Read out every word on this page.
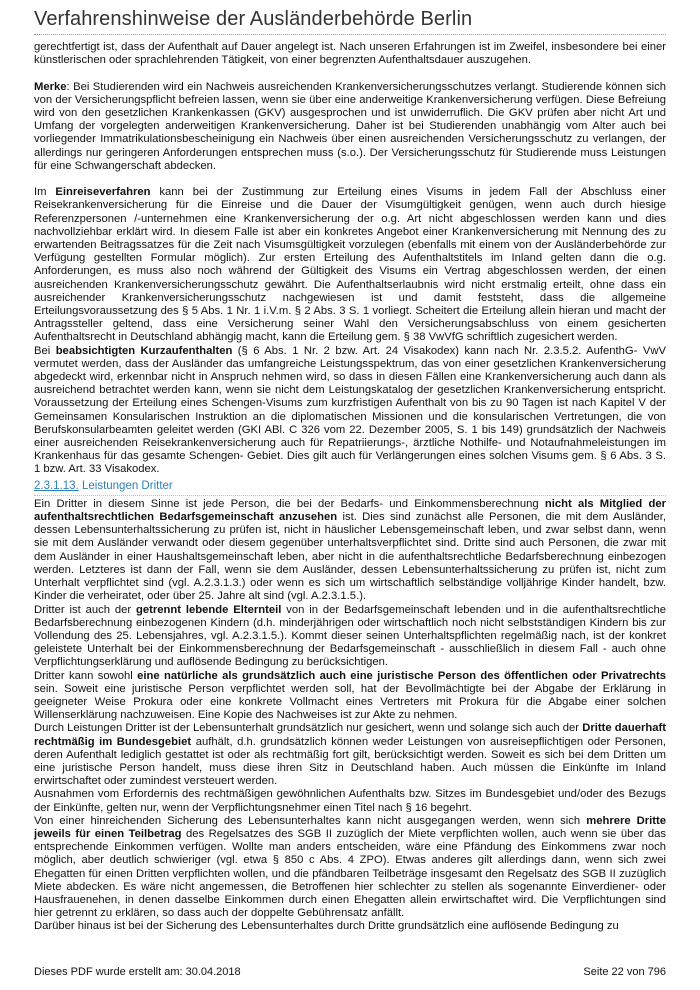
Verfahrenshinweise der Ausländerbehörde Berlin

gerechtfertigt ist, dass der Aufenthalt auf Dauer angelegt ist. Nach unseren Erfahrungen ist im Zweifel, insbesondere bei einer künstlerischen oder sprachlehrenden Tätigkeit, von einer begrenzten Aufenthaltsdauer auszugehen.

Merke: Bei Studierenden wird ein Nachweis ausreichenden Krankenversicherungsschutzes verlangt. Studierende können sich von der Versicherungspflicht befreien lassen, wenn sie über eine anderweitige Krankenversicherung verfügen. Diese Befreiung wird von den gesetzlichen Krankenkassen (GKV) ausgesprochen und ist unwiderruflich. Die GKV prüfen aber nicht Art und Umfang der vorgelegten anderweitigen Krankenversicherung. Daher ist bei Studierenden unabhängig vom Alter auch bei vorliegender Immatrikulationsbescheinigung ein Nachweis über einen ausreichenden Versicherungsschutz zu verlangen, der allerdings nur geringeren Anforderungen entsprechen muss (s.o.). Der Versicherungsschutz für Studierende muss Leistungen für eine Schwangerschaft abdecken.

Im Einreiseverfahren kann bei der Zustimmung zur Erteilung eines Visums in jedem Fall der Abschluss einer Reisekrankenversicherung für die Einreise und die Dauer der Visumgültigkeit genügen, wenn auch durch hiesige Referenzpersonen /-unternehmen eine Krankenversicherung der o.g. Art nicht abgeschlossen werden kann und dies nachvollziehbar erklärt wird. In diesem Falle ist aber ein konkretes Angebot einer Krankenversicherung mit Nennung des zu erwartenden Beitragssatzes für die Zeit nach Visumsgültigkeit vorzulegen (ebenfalls mit einem von der Ausländerbehörde zur Verfügung gestellten Formular möglich). Zur ersten Erteilung des Aufenthaltstitels im Inland gelten dann die o.g. Anforderungen, es muss also noch während der Gültigkeit des Visums ein Vertrag abgeschlossen werden, der einen ausreichenden Krankenversicherungsschutz gewährt. Die Aufenthaltserlaubnis wird nicht erstmalig erteilt, ohne dass ein ausreichender Krankenversicherungsschutz nachgewiesen ist und damit feststeht, dass die allgemeine Erteilungsvoraussetzung des § 5 Abs. 1 Nr. 1 i.V.m. § 2 Abs. 3 S. 1 vorliegt. Scheitert die Erteilung allein hieran und macht der Antragssteller geltend, dass eine Versicherung seiner Wahl den Versicherungsabschluss von einem gesicherten Aufenthaltsrecht in Deutschland abhängig macht, kann die Erteilung gem. § 38 VwVfG schriftlich zugesichert werden.

Bei beabsichtigten Kurzaufenthalten (§ 6 Abs. 1 Nr. 2 bzw. Art. 24 Visakodex) kann nach Nr. 2.3.5.2. AufenthG- VwV vermutet werden, dass der Ausländer das umfangreiche Leistungsspektrum, das von einer gesetzlichen Krankenversicherung abgedeckt wird, erkennbar nicht in Anspruch nehmen wird, so dass in diesen Fällen eine Krankenversicherung auch dann als ausreichend betrachtet werden kann, wenn sie nicht dem Leistungskatalog der gesetzlichen Krankenversicherung entspricht. Voraussetzung der Erteilung eines Schengen-Visums zum kurzfristigen Aufenthalt von bis zu 90 Tagen ist nach Kapitel V der Gemeinsamen Konsularischen Instruktion an die diplomatischen Missionen und die konsularischen Vertretungen, die von Berufskonsularbeamten geleitet werden (GKI ABl. C 326 vom 22. Dezember 2005, S. 1 bis 149) grundsätzlich der Nachweis einer ausreichenden Reisekrankenversicherung auch für Repatriierungs-, ärztliche Nothilfe- und Notaufnahmeleistungen im Krankenhaus für das gesamte Schengen- Gebiet. Dies gilt auch für Verlängerungen eines solchen Visums gem. § 6 Abs. 3 S. 1 bzw. Art. 33 Visakodex.

2.3.1.13. Leistungen Dritter

Ein Dritter in diesem Sinne ist jede Person, die bei der Bedarfs- und Einkommensberechnung nicht als Mitglied der aufenthaltsrechtlichen Bedarfsgemeinschaft anzusehen ist. Dies sind zunächst alle Personen, die mit dem Ausländer, dessen Lebensunterhaltssicherung zu prüfen ist, nicht in häuslicher Lebensgemeinschaft leben, und zwar selbst dann, wenn sie mit dem Ausländer verwandt oder diesem gegenüber unterhaltsverpflichtet sind. Dritte sind auch Personen, die zwar mit dem Ausländer in einer Haushaltsgemeinschaft leben, aber nicht in die aufenthaltsrechtliche Bedarfsberechnung einbezogen werden. Letzteres ist dann der Fall, wenn sie dem Ausländer, dessen Lebensunterhaltssicherung zu prüfen ist, nicht zum Unterhalt verpflichtet sind (vgl. A.2.3.1.3.) oder wenn es sich um wirtschaftlich selbständige volljährige Kinder handelt, bzw. Kinder die verheiratet, oder über 25. Jahre alt sind (vgl. A.2.3.1.5.).

Dritter ist auch der getrennt lebende Elternteil von in der Bedarfsgemeinschaft lebenden und in die aufenthaltsrechtliche Bedarfsberechnung einbezogenen Kindern (d.h. minderjährigen oder wirtschaftlich noch nicht selbstständigen Kindern bis zur Vollendung des 25. Lebensjahres, vgl. A.2.3.1.5.). Kommt dieser seinen Unterhaltspflichten regelmäßig nach, ist der konkret geleistete Unterhalt bei der Einkommensberechnung der Bedarfsgemeinschaft - ausschließlich in diesem Fall - auch ohne Verpflichtungserklärung und auflösende Bedingung zu berücksichtigen.

Dritter kann sowohl eine natürliche als grundsätzlich auch eine juristische Person des öffentlichen oder Privatrechts sein. Soweit eine juristische Person verpflichtet werden soll, hat der Bevollmächtigte bei der Abgabe der Erklärung in geeigneter Weise Prokura oder eine konkrete Vollmacht eines Vertreters mit Prokura für die Abgabe einer solchen Willenserklärung nachzuweisen. Eine Kopie des Nachweises ist zur Akte zu nehmen.

Durch Leistungen Dritter ist der Lebensunterhalt grundsätzlich nur gesichert, wenn und solange sich auch der Dritte dauerhaft rechtmäßig im Bundesgebiet aufhält, d.h. grundsätzlich können weder Leistungen von ausreisepflichtigen oder Personen, deren Aufenthalt lediglich gestattet ist oder als rechtmäßig fort gilt, berücksichtigt werden. Soweit es sich bei dem Dritten um eine juristische Person handelt, muss diese ihren Sitz in Deutschland haben. Auch müssen die Einkünfte im Inland erwirtschaftet oder zumindest versteuert werden.

Ausnahmen vom Erfordernis des rechtmäßigen gewöhnlichen Aufenthalts bzw. Sitzes im Bundesgebiet und/oder des Bezugs der Einkünfte, gelten nur, wenn der Verpflichtungsnehmer einen Titel nach § 16 begehrt.

Von einer hinreichenden Sicherung des Lebensunterhaltes kann nicht ausgegangen werden, wenn sich mehrere Dritte jeweils für einen Teilbetrag des Regelsatzes des SGB II zuzüglich der Miete verpflichten wollen, auch wenn sie über das entsprechende Einkommen verfügen. Wollte man anders entscheiden, wäre eine Pfändung des Einkommens zwar noch möglich, aber deutlich schwieriger (vgl. etwa § 850 c Abs. 4 ZPO). Etwas anderes gilt allerdings dann, wenn sich zwei Ehegatten für einen Dritten verpflichten wollen, und die pfändbaren Teilbeträge insgesamt den Regelsatz des SGB II zuzüglich Miete abdecken. Es wäre nicht angemessen, die Betroffenen hier schlechter zu stellen als sogenannte Einverdiener- oder Hausfrauenehen, in denen dasselbe Einkommen durch einen Ehegatten allein erwirtschaftet wird. Die Verpflichtungen sind hier getrennt zu erklären, so dass auch der doppelte Gebührensatz anfällt.

Darüber hinaus ist bei der Sicherung des Lebensunterhaltes durch Dritte grundsätzlich eine auflösende Bedingung zu

Dieses PDF wurde erstellt am: 30.04.2018	Seite 22 von 796
